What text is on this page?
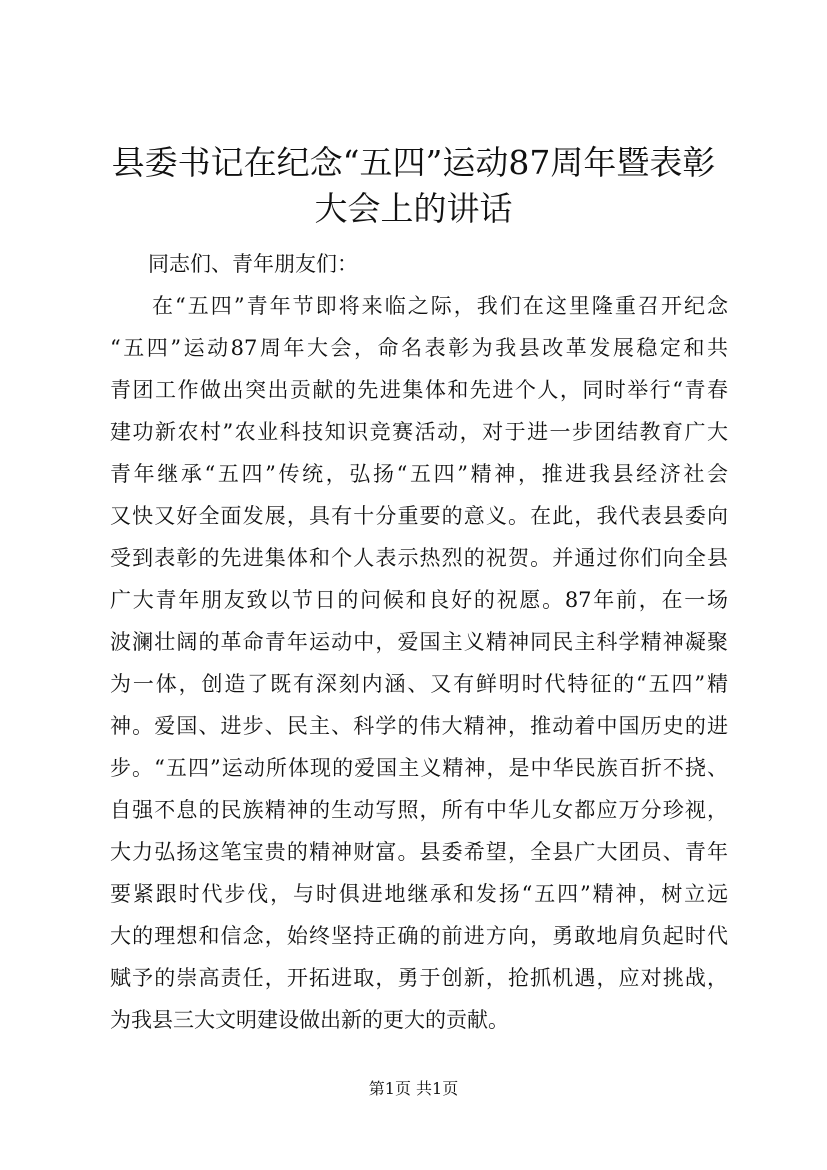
县委书记在纪念“五四”运动87周年暨表彰
大会上的讲话

同志们、青年朋友们：

在“五四”青年节即将来临之际，我们在这里隆重召开纪念
“五四”运动87周年大会，命名表彰为我县改革发展稳定和共
青团工作做出突出贡献的先进集体和先进个人，同时举行“青春
建功新农村”农业科技知识竞赛活动，对于进一步团结教育广大
青年继承“五四”传统，弘扬“五四”精神，推进我县经济社会
又快又好全面发展，具有十分重要的意义。在此，我代表县委向
受到表彰的先进集体和个人表示热烈的祝贺。并通过你们向全县
广大青年朋友致以节日的问候和良好的祝愿。87年前，在一场
波澜壮阔的革命青年运动中，爱国主义精神同民主科学精神凝聚
为一体，创造了既有深刻内涵、又有鲜明时代特征的“五四”精
神。爱国、进步、民主、科学的伟大精神，推动着中国历史的进
步。“五四”运动所体现的爱国主义精神，是中华民族百折不挠、
自强不息的民族精神的生动写照，所有中华儿女都应万分珍视，
大力弘扬这笔宝贵的精神财富。县委希望，全县广大团员、青年
要紧跟时代步伐，与时俱进地继承和发扬“五四”精神，树立远
大的理想和信念，始终坚持正确的前进方向，勇敢地肩负起时代
赋予的崇高责任，开拓进取，勇于创新，抢抓机遇，应对挑战，
为我县三大文明建设做出新的更大的贡献。
第1页 共1页
